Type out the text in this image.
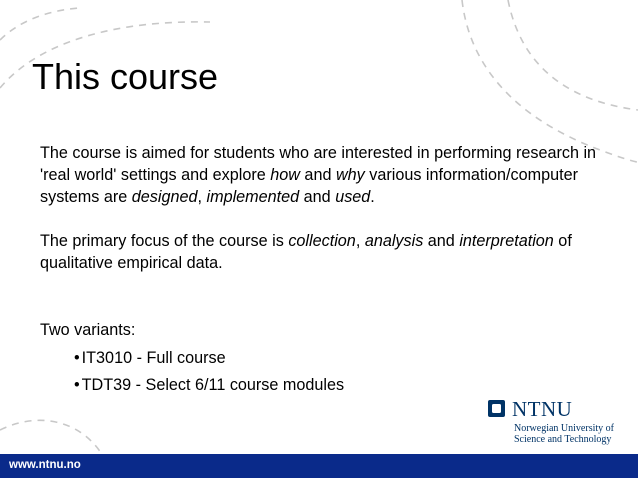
This course

The course is aimed for students who are interested in performing research in 'real world' settings and explore how and why various information/computer systems are designed, implemented and used.

The primary focus of the course is collection, analysis and interpretation of qualitative empirical data.

Two variants:

• IT3010 - Full course
• TDT39 - Select 6/11 course modules
NTNU
Norwegian University of
Science and Technology
www.ntnu.no
